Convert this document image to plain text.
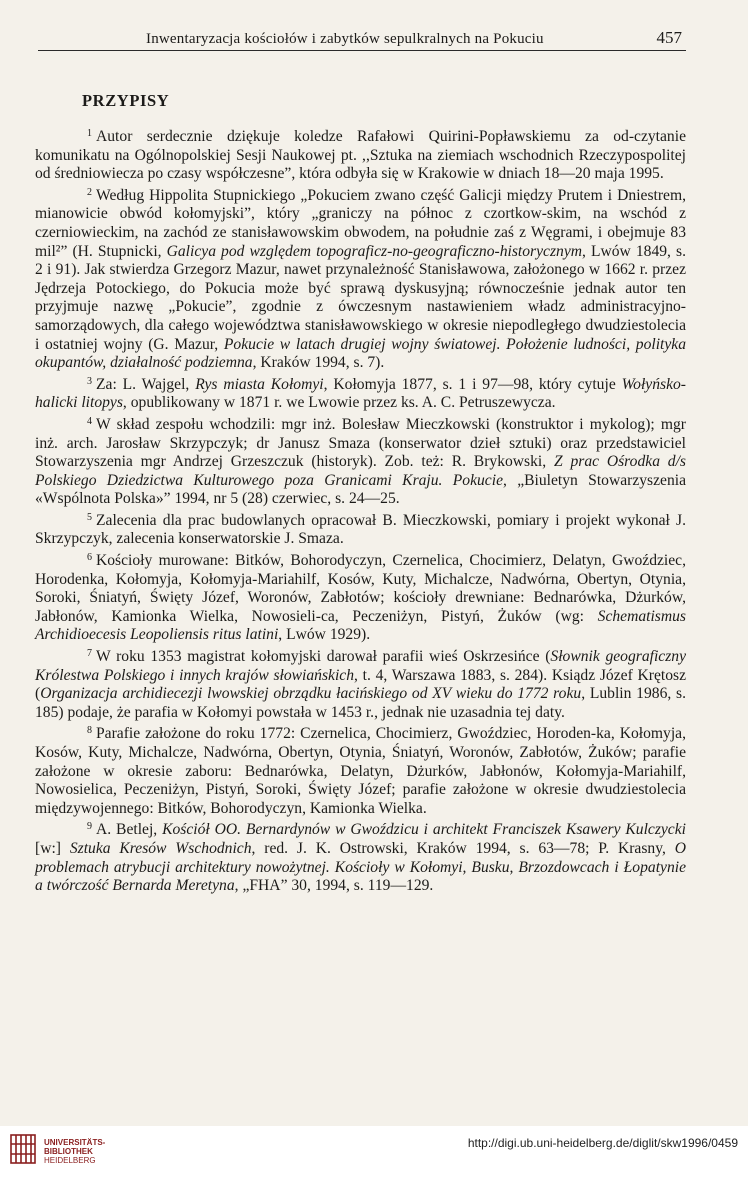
Inwentaryzacja kościołów i zabytków sepulkralnych na Pokuciu	457
PRZYPISY

$^1$ Autor serdecznie dziękuje koledze Rafałowi Quirini-Popławskiemu za od-czytanie komunikatu na Ogólnopolskiej Sesji Naukowej pt. ,,Sztuka na ziemiach wschodnich Rzeczypospolitej od średniowiecza po czasy współczesne”, która odbyła się w Krakowie w dniach 18—20 maja 1995.

$^2$ Według Hippolita Stupnickiego „Pokuciem zwano część Galicji między Prutem i Dniestrem, mianowicie obwód kołomyjski”, który „graniczy na północ z czortkow-skim, na wschód z czerniowieckim, na zachód ze stanisławowskim obwodem, na południe zaś z Węgrami, i obejmuje 83 mil²” (H. Stupnicki, Galicya pod względem topograficz-no-geograficzno-historycznym, Lwów 1849, s. 2 i 91). Jak stwierdza Grzegorz Mazur, nawet przynależność Stanisławowa, założonego w 1662 r. przez Jędrzeja Potockiego, do Pokucia może być sprawą dyskusyjną; równocześnie jednak autor ten przyjmuje nazwę „Pokucie”, zgodnie z ówczesnym nastawieniem władz administracyjno-samorządowych, dla całego województwa stanisławowskiego w okresie niepodległego dwudziestolecia i ostatniej wojny (G. Mazur, Pokucie w latach drugiej wojny światowej. Położenie ludności, polityka okupantów, działalność podziemna, Kraków 1994, s. 7).

$^3$ Za: L. Wajgel, Rys miasta Kołomyi, Kołomyja 1877, s. 1 i 97—98, który cytuje Wołyńsko-halicki litopys, opublikowany w 1871 r. we Lwowie przez ks. A. C. Petruszewycza.

$^4$ W skład zespołu wchodzili: mgr inż. Bolesław Mieczkowski (konstruktor i mykolog); mgr inż. arch. Jarosław Skrzypczyk; dr Janusz Smaza (konserwator dzieł sztuki) oraz przedstawiciel Stowarzyszenia mgr Andrzej Grzeszczuk (historyk). Zob. też: R. Brykowski, Z prac Ośrodka d/s Polskiego Dziedzictwa Kulturowego poza Granicami Kraju. Pokucie, „Biuletyn Stowarzyszenia «Wspólnota Polska»” 1994, nr 5 (28) czerwiec, s. 24—25.

$^5$ Zalecenia dla prac budowlanych opracował B. Mieczkowski, pomiary i projekt wykonał J. Skrzypczyk, zalecenia konserwatorskie J. Smaza.

$^6$ Kościoły murowane: Bitków, Bohorodyczyn, Czernelica, Chocimierz, Delatyn, Gwoździec, Horodenka, Kołomyja, Kołomyja-Mariahilf, Kosów, Kuty, Michalcze, Nadwórna, Obertyn, Otynia, Soroki, Śniatyń, Święty Józef, Woronów, Zabłotów; kościoły drewniane: Bednarówka, Dżurków, Jabłonów, Kamionka Wielka, Nowosieli-ca, Peczeniżyn, Pistyń, Żuków (wg: Schematismus Archidioecesis Leopoliensis ritus latini, Lwów 1929).

$^7$ W roku 1353 magistrat kołomyjski darował parafii wieś Oskrzesińce (Słownik geograficzny Królestwa Polskiego i innych krajów słowiańskich, t. 4, Warszawa 1883, s. 284). Ksiądz Józef Krętosz (Organizacja archidiecezji lwowskiej obrządku łacińskiego od XV wieku do 1772 roku, Lublin 1986, s. 185) podaje, że parafia w Kołomyi powstała w 1453 r., jednak nie uzasadnia tej daty.

$^8$ Parafie założone do roku 1772: Czernelica, Chocimierz, Gwoździec, Horoden-ka, Kołomyja, Kosów, Kuty, Michalcze, Nadwórna, Obertyn, Otynia, Śniatyń, Woronów, Zabłotów, Żuków; parafie założone w okresie zaboru: Bednarówka, Delatyn, Dżurków, Jabłonów, Kołomyja-Mariahilf, Nowosielica, Peczeniżyn, Pistyń, Soroki, Święty Józef; parafie założone w okresie dwudziestolecia międzywojennego: Bitków, Bohorodyczyn, Kamionka Wielka.

$^9$ A. Betlej, Kościół OO. Bernardynów w Gwoździcu i architekt Franciszek Ksawery Kulczycki [w:] Sztuka Kresów Wschodnich, red. J. K. Ostrowski, Kraków 1994, s. 63—78; P. Krasny, O problemach atrybucji architektury nowożytnej. Kościoły w Kołomyi, Busku, Brzozdowcach i Łopatynie a twórczość Bernarda Meretyna, „FHA” 30, 1994, s. 119—129.

UNIVERSITÄTS-
BIBLIOTHEK
HEIDELBERG
http://digi.ub.uni-heidelberg.de/diglit/skw1996/0459
